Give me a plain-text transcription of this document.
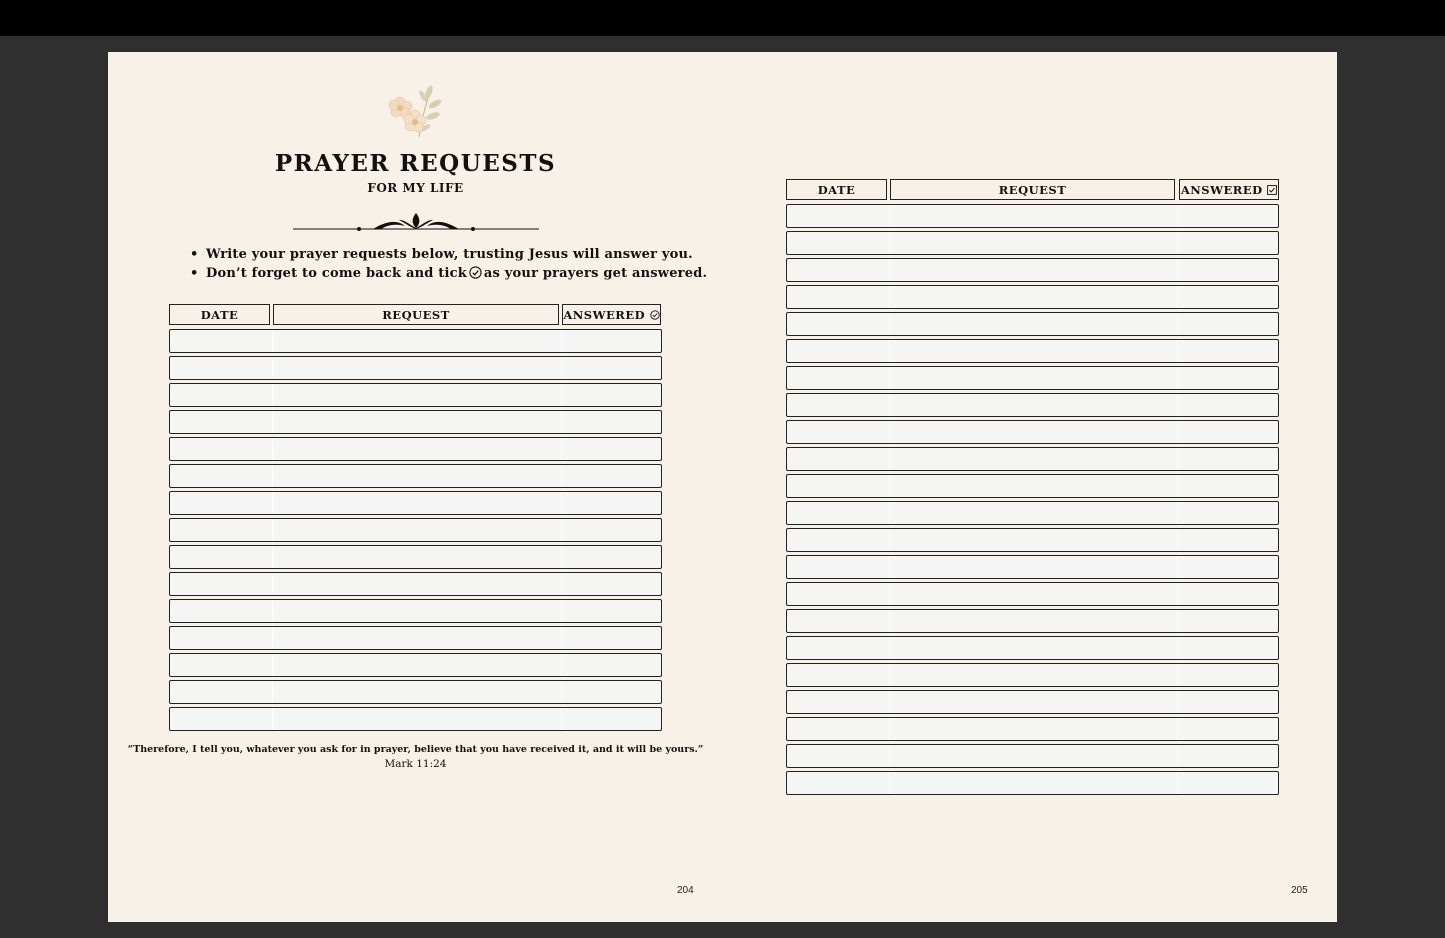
PRAYER REQUESTS
FOR MY LIFE
• Write your prayer requests below, trusting Jesus will answer you.
• Don’t forget to come back and tick as your prayers get answered.
DATE	REQUEST	ANSWERED

“Therefore, I tell you, whatever you ask for in prayer, believe that you have received it, and it will be yours.”
Mark 11:24
204
DATE	REQUEST	ANSWERED

205
